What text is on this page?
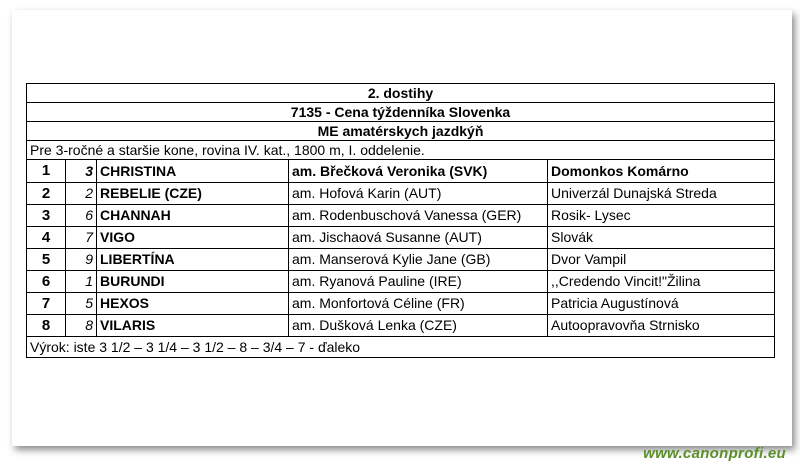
2. dostihy				
7135 - Cena týždenníka Slovenka				
ME amatérskych jazdkýň				
Pre 3-ročné a staršie kone, rovina IV. kat., 1800 m, I. oddelenie.				
1	3	CHRISTINA	am. Břečková Veronika (SVK)	Domonkos Komárno
2	2	REBELIE (CZE)	am. Hofová Karin (AUT)	Univerzál Dunajská Streda
3	6	CHANNAH	am. Rodenbuschová Vanessa (GER)	Rosik- Lysec
4	7	VIGO	am. Jischaová Susanne (AUT)	Slovák
5	9	LIBERTÍNA	am. Manserová Kylie Jane (GB)	Dvor Vampil
6	1	BURUNDI	am. Ryanová Pauline (IRE)	,,Credendo Vincit!"Žilina
7	5	HEXOS	am. Monfortová Céline (FR)	Patricia Augustínová
8	8	VILARIS	am. Dušková Lenka (CZE)	Autoopravovňa Strnisko
Výrok: iste 3 1/2 – 3 1/4 – 3 1/2 – 8 – 3/4 – 7 - ďaleko				
www.canonprofi.eu
